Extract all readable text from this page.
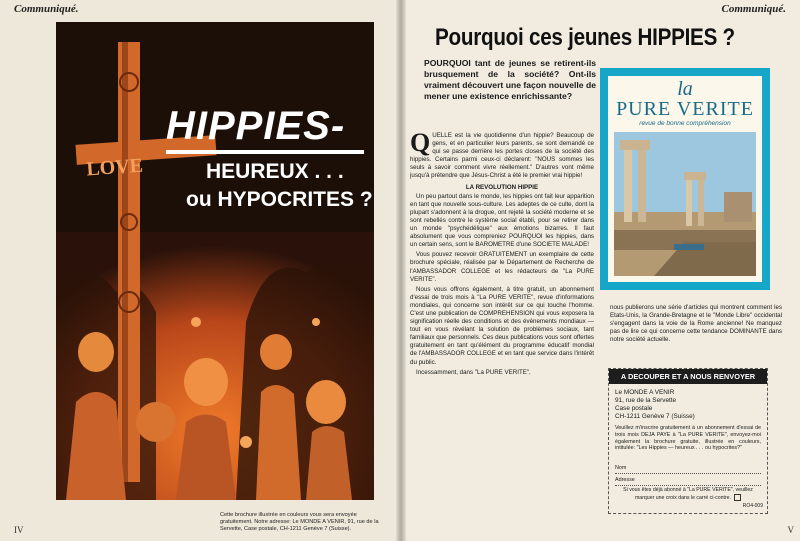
Communiqué.
LOVE
HIPPIES-
HEUREUX . . .
ou HYPOCRITES ?
Cette brochure illustrée en couleurs vous sera envoyée gratuitement. Notre adresse: Le MONDE A VENIR, 91, rue de la Servette, Case postale, CH-1211 Genève 7 (Suisse).
IV
Communiqué.
Pourquoi ces jeunes HIPPIES ?
POURQUOI tant de jeunes se retirent-ils brusquement de la société? Ont-ils vraiment découvert une façon nouvelle de mener une existence enrichissante?

QUELLE est la vie quotidienne d'un hippie? Beaucoup de gens, et en particulier leurs parents, se sont demandé ce qui se passe derrière les portes closes de la société des hippies. Certains parmi ceux-ci déclarent: "NOUS sommes les seuls à savoir comment vivre réellement." D'autres vont même jusqu'à prétendre que Jésus-Christ a été le premier vrai hippie!

LA REVOLUTION HIPPIE

Un peu partout dans le monde, les hippies ont fait leur apparition en tant que nouvelle sous-culture. Les adeptes de ce culte, dont la plupart s'adonnent à la drogue, ont rejeté la société moderne et se sont rebellés contre le système social établi, pour se retirer dans un monde "psychédélique" aux émotions bizarres. Il faut absolument que vous compreniez POURQUOI les hippies, dans un certain sens, sont le BAROMETRE d'une SOCIETE MALADE!

Vous pouvez recevoir GRATUITEMENT un exemplaire de cette brochure spéciale, réalisée par le Département de Recherche de l'AMBASSADOR COLLEGE et les rédacteurs de "La PURE VERITE".

Nous vous offrons également, à titre gratuit, un abonnement d'essai de trois mois à "La PURE VERITE", revue d'informations mondiales, qui concerne son intérêt sur ce qui touche l'homme. C'est une publication de COMPREHENSION qui vous exposera la signification réelle des conditions et des événements mondiaux — tout en vous révélant la solution de problèmes sociaux, tant familiaux que personnels. Ces deux publications vous sont offertes gratuitement en tant qu'élément du programme éducatif mondial de l'AMBASSADOR COLLEGE et en tant que service dans l'intérêt du public.

Incessamment, dans "La PURE VERITE",

la
PURE VERITE
revue de bonne compréhension
nous publierons une série d'articles qui montrent comment les Etats-Unis, la Grande-Bretagne et le "Monde Libre" occidental s'engagent dans la voie de la Rome ancienne! Ne manquez pas de lire ce qui concerne cette tendance DOMINANTE dans notre société actuelle.
A DECOUPER ET A NOUS RENVOYER
Le MONDE A VENIR
91, rue de la Servette
Case postale
CH-1211 Genève 7 (Suisse)
Veuillez m'inscrire gratuitement à un abonnement d'essai de trois mois DEJA PAYE à "La PURE VERITE", envoyez-moi également la brochure gratuite, illustrée en couleurs, intitulée: "Les Hippies — heureux . . . ou hypocrites?"
Nom
Adresse
Si vous êtes déjà abonné à "La PURE VERITE", veuillez marquer une croix dans le carré ci-contre.
RO4-009
V
